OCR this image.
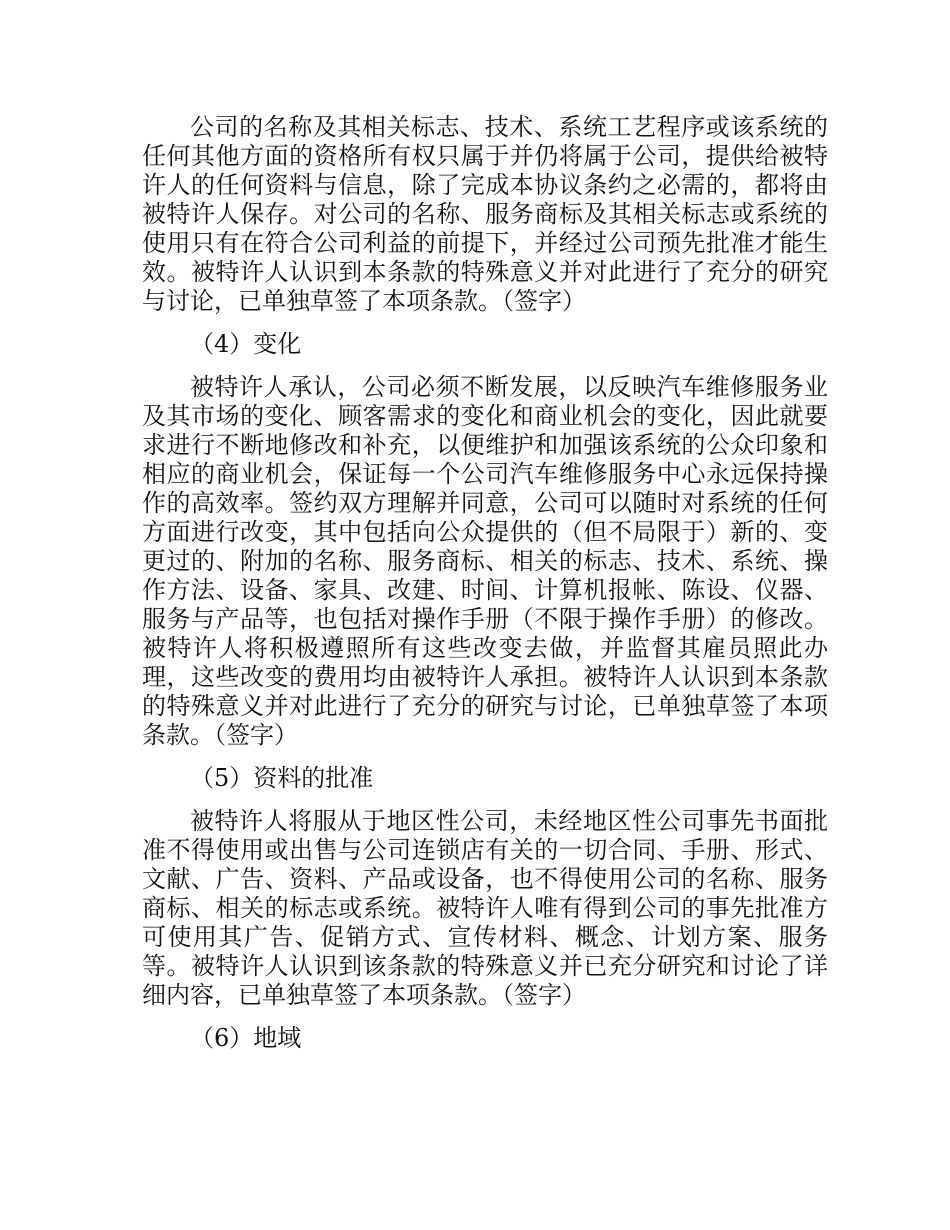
公司的名称及其相关标志、技术、系统工艺程序或该系统的任何其他方面的资格所有权只属于并仍将属于公司，提供给被特许人的任何资料与信息，除了完成本协议条约之必需的，都将由被特许人保存。对公司的名称、服务商标及其相关标志或系统的使用只有在符合公司利益的前提下，并经过公司预先批准才能生效。被特许人认识到本条款的特殊意义并对此进行了充分的研究与讨论，已单独草签了本项条款。（签字）

（4）变化

被特许人承认，公司必须不断发展，以反映汽车维修服务业及其市场的变化、顾客需求的变化和商业机会的变化，因此就要求进行不断地修改和补充，以便维护和加强该系统的公众印象和相应的商业机会，保证每一个公司汽车维修服务中心永远保持操作的高效率。签约双方理解并同意，公司可以随时对系统的任何方面进行改变，其中包括向公众提供的（但不局限于）新的、变更过的、附加的名称、服务商标、相关的标志、技术、系统、操作方法、设备、家具、改建、时间、计算机报帐、陈设、仪器、服务与产品等，也包括对操作手册（不限于操作手册）的修改。被特许人将积极遵照所有这些改变去做，并监督其雇员照此办理，这些改变的费用均由被特许人承担。被特许人认识到本条款的特殊意义并对此进行了充分的研究与讨论，已单独草签了本项条款。（签字）

（5）资料的批准

被特许人将服从于地区性公司，未经地区性公司事先书面批准不得使用或出售与公司连锁店有关的一切合同、手册、形式、文献、广告、资料、产品或设备，也不得使用公司的名称、服务商标、相关的标志或系统。被特许人唯有得到公司的事先批准方可使用其广告、促销方式、宣传材料、概念、计划方案、服务等。被特许人认识到该条款的特殊意义并已充分研究和讨论了详细内容，已单独草签了本项条款。（签字）

（6）地域
